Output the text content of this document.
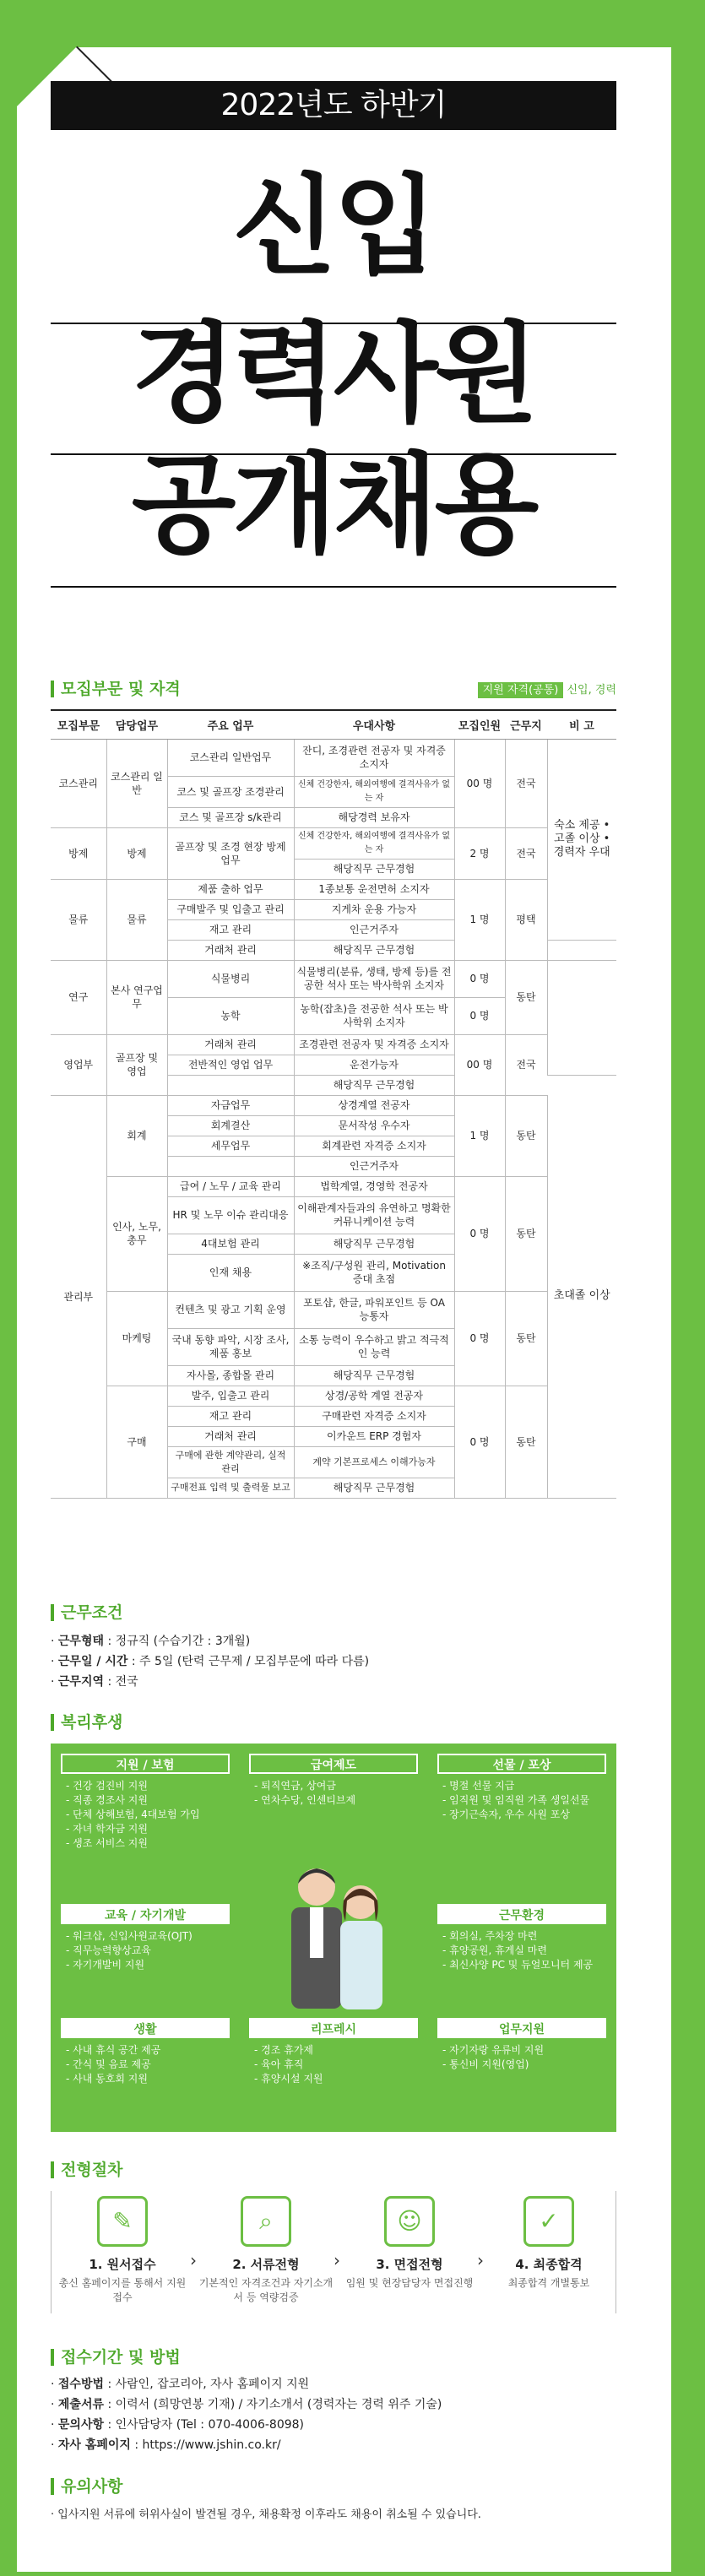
2022년도 하반기
신입
경력사원
공개채용
모집부문 및 자격	지원 자격(공통) 신입, 경력
모집부문	담당업무	주요 업무	우대사항	모집인원	근무지	비 고
코스관리	코스관리 일반	코스관리 일반업무	잔디, 조경관련 전공자 및 자격증 소지자	00 명	전국	숙소 제공 • 고졸 이상 • 경력자 우대
		코스 및 골프장 조경관리	신체 건강한자, 해외여행에 결격사유가 없는 자			
		코스 및 골프장 s/k관리	해당경력 보유자			
방제	방제	골프장 및 조경 현장 방제 업무	신체 건강한자, 해외여행에 결격사유가 없는 자	2 명	전국	
			해당직무 근무경험			
물류	물류	제품 출하 업무	1종보통 운전면허 소지자	1 명	평택	
		구매발주 및 입출고 관리	지게차 운용 가능자			
		재고 관리	인근거주자			
		거래처 관리	해당직무 근무경험			
연구	본사 연구업무	식물병리	식물병리(분류, 생태, 방제 등)를 전공한 석사 또는 박사학위 소지자	0 명	동탄	
		농학	농학(잡초)을 전공한 석사 또는 박사학위 소지자	0 명		
영업부	골프장 및 영업	거래처 관리	조경관련 전공자 및 자격증 소지자	00 명	전국	
		전반적인 영업 업무	운전가능자			
			해당직무 근무경험			
관리부	회계	자금업무	상경계열 전공자	1 명	동탄	초대졸 이상
		회계결산	문서작성 우수자			
		세무업무	회계관련 자격증 소지자			
			인근거주자			
	인사, 노무, 총무	급여 / 노무 / 교육 관리	법학계열, 경영학 전공자	0 명	동탄	
		HR 및 노무 이슈 관리대응	이해관계자들과의 유연하고 명확한 커뮤니케이션 능력			
		4대보험 관리	해당직무 근무경험			
		인재 채용	※조직/구성원 관리, Motivation 증대 초점			
	마케팅	컨텐츠 및 광고 기획 운영	포토샵, 한글, 파워포인트 등 OA 능통자	0 명	동탄	
		국내 동향 파악, 시장 조사,제품 홍보	소통 능력이 우수하고 밝고 적극적인 능력			
		자사몰, 종합몰 관리	해당직무 근무경험			
	구매	발주, 입출고 관리	상경/공학 계열 전공자	0 명	동탄	
		재고 관리	구매관련 자격증 소지자			
		거래처 관리	이카운트 ERP 경험자			
		구매에 관한 계약관리, 실적 관리	계약 기본프로세스 이해가능자			
		구매전표 입력 및 출력물 보고	해당직무 근무경험			
근무조건
· 근무형태 : 정규직 (수습기간 : 3개월)
· 근무일 / 시간 : 주 5일 (탄력 근무제 / 모집부문에 따라 다름)
· 근무지역 : 전국
복리후생
지원 / 보험
- 건강 검진비 지원
- 직종 경조사 지원
- 단체 상해보험, 4대보험 가입
- 자녀 학자금 지원
- 생조 서비스 지원
급여제도
- 퇴직연금, 상여금
- 연차수당, 인센티브제
선물 / 포상
- 명절 선물 지급
- 임직원 및 임직원 가족 생일선물
- 장기근속자, 우수 사원 포상
교육 / 자기개발
- 워크샵, 신입사원교육(OJT)
- 직무능력향상교육
- 자기개발비 지원
근무환경
- 회의실, 주차장 마련
- 휴양공원, 휴게실 마련
- 최신사양 PC 및 듀얼모니터 제공
생활
- 사내 휴식 공간 제공
- 간식 및 음료 제공
- 사내 동호회 지원
리프레시
- 경조 휴가제
- 육아 휴직
- 휴양시설 지원
업무지원
- 자기자랑 유류비 지원
- 통신비 지원(영업)
전형절차
✎
1. 원서접수
총신 홈페이지를 통해서 지원접수
›
⌕
2. 서류전형
기본적인 자격조건과 자기소개서 등 역량검증
›
☺
3. 면접전형
임원 및 현장담당자 면접진행
›
✓
4. 최종합격
최종합격 개별통보
접수기간 및 방법
· 접수방법 : 사람인, 잡코리아, 자사 홈페이지 지원
· 제출서류 : 이력서 (희망연봉 기재) / 자기소개서 (경력자는 경력 위주 기술)
· 문의사항 : 인사담당자 (Tel : 070-4006-8098)
· 자사 홈페이지 : https://www.jshin.co.kr/
유의사항
· 입사지원 서류에 허위사실이 발견될 경우, 채용확정 이후라도 채용이 취소될 수 있습니다.
